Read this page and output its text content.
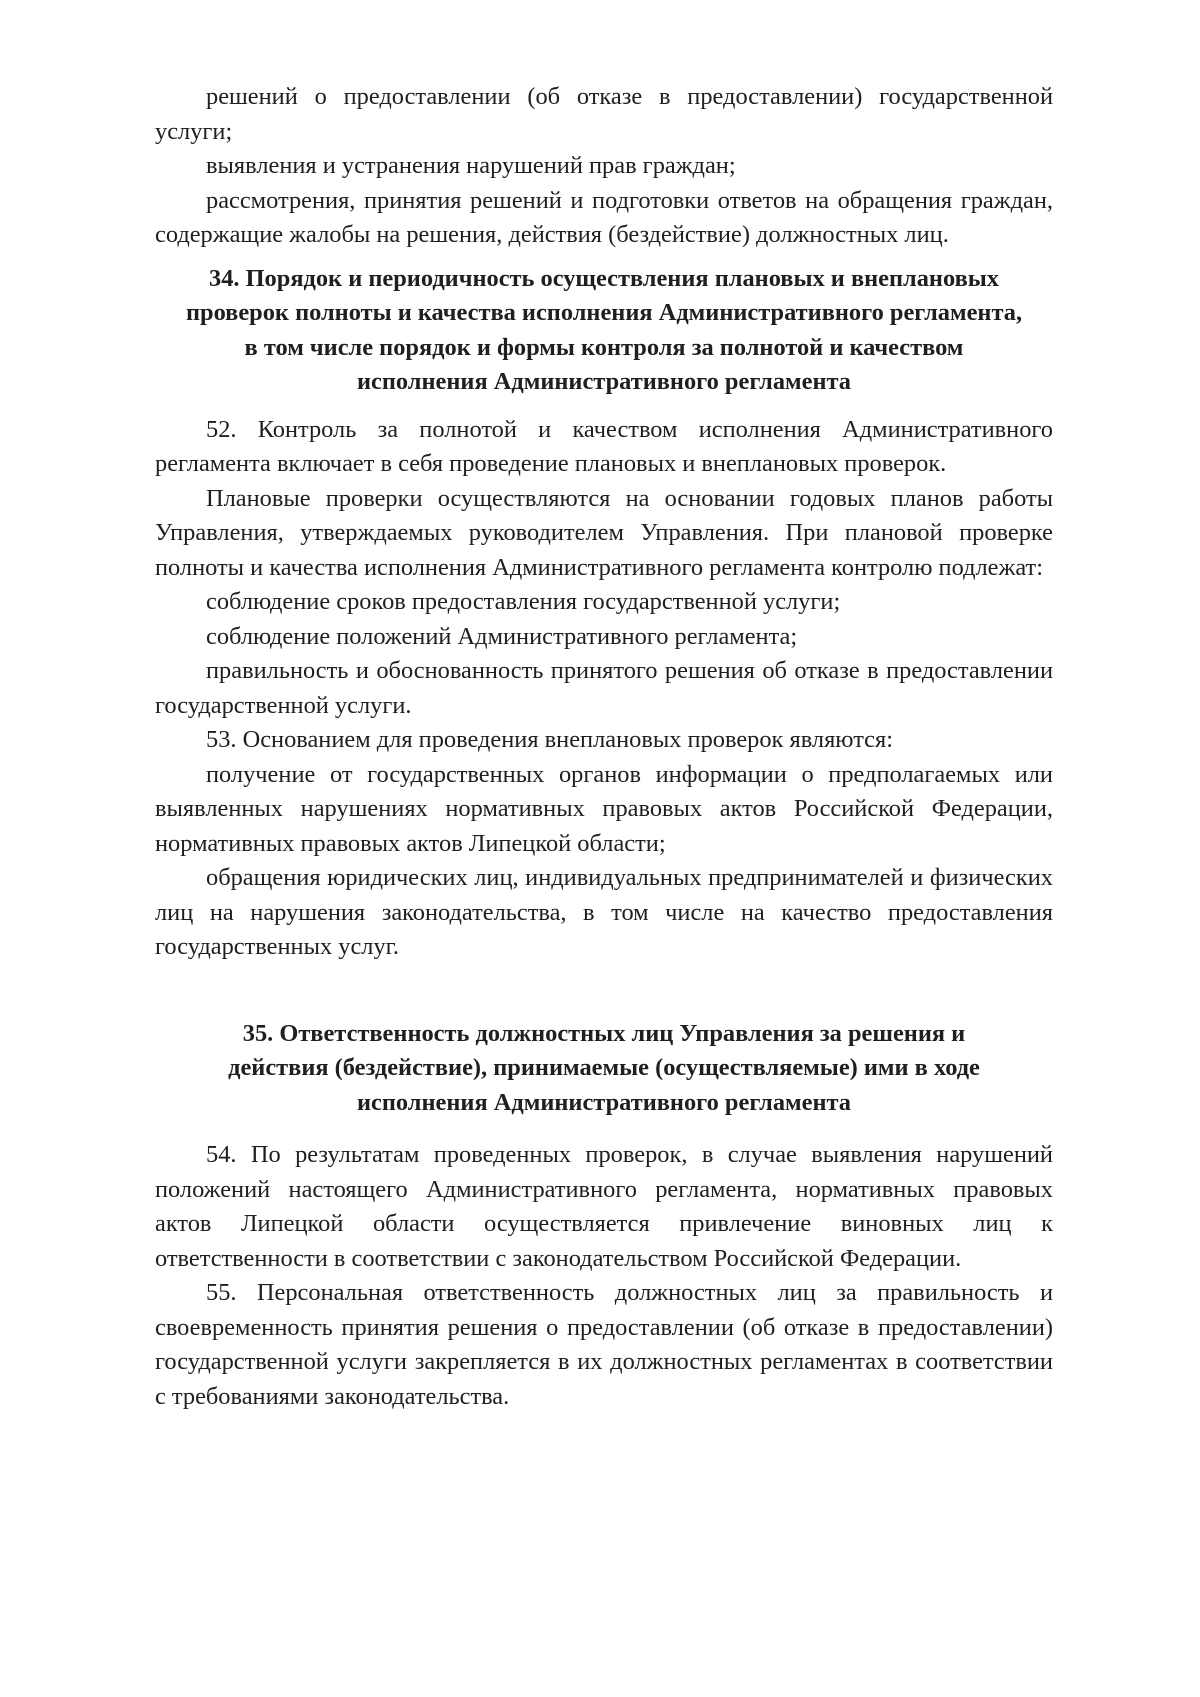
решений о предоставлении (об отказе в предоставлении) государственной услуги;

выявления и устранения нарушений прав граждан;

рассмотрения, принятия решений и подготовки ответов на обращения граждан, содержащие жалобы на решения, действия (бездействие) должностных лиц.

34. Порядок и периодичность осуществления плановых и внеплановых
проверок полноты и качества исполнения Административного регламента,
в том числе порядок и формы контроля за полнотой и качеством
исполнения Административного регламента

52. Контроль за полнотой и качеством исполнения Административного регламента включает в себя проведение плановых и внеплановых проверок.

Плановые проверки осуществляются на основании годовых планов работы Управления, утверждаемых руководителем Управления. При плановой проверке полноты и качества исполнения Административного регламента контролю подлежат:

соблюдение сроков предоставления государственной услуги;

соблюдение положений Административного регламента;

правильность и обоснованность принятого решения об отказе в предоставлении государственной услуги.

53. Основанием для проведения внеплановых проверок являются:

получение от государственных органов информации о предполагаемых или выявленных нарушениях нормативных правовых актов Российской Федерации, нормативных правовых актов Липецкой области;

обращения юридических лиц, индивидуальных предпринимателей и физических лиц на нарушения законодательства, в том числе на качество предоставления государственных услуг.

35. Ответственность должностных лиц Управления за решения и
действия (бездействие), принимаемые (осуществляемые) ими в ходе
исполнения Административного регламента

54. По результатам проведенных проверок, в случае выявления нарушений положений настоящего Административного регламента, нормативных правовых актов Липецкой области осуществляется привлечение виновных лиц к ответственности в соответствии с законодательством Российской Федерации.

55. Персональная ответственность должностных лиц за правильность и своевременность принятия решения о предоставлении (об отказе в предоставлении) государственной услуги закрепляется в их должностных регламентах в соответствии с требованиями законодательства.
